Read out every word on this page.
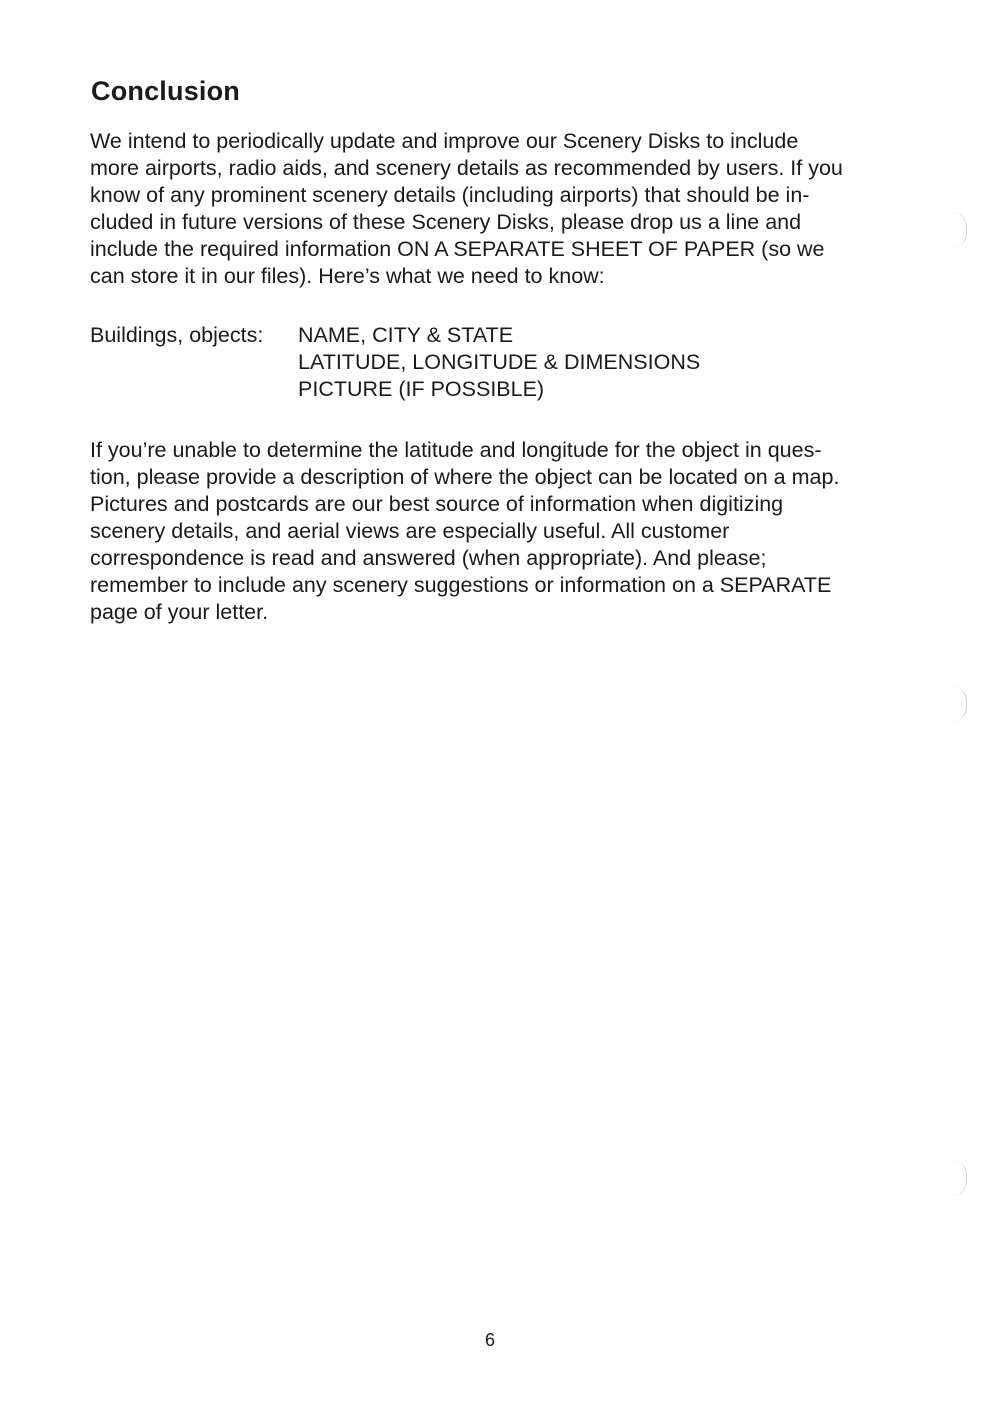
Conclusion
We intend to periodically update and improve our Scenery Disks to include
more airports, radio aids, and scenery details as recommended by users. If you
know of any prominent scenery details (including airports) that should be in-
cluded in future versions of these Scenery Disks, please drop us a line and
include the required information ON A SEPARATE SHEET OF PAPER (so we
can store it in our files). Here’s what we need to know:
Buildings, objects: NAME, CITY & STATE
LATITUDE, LONGITUDE & DIMENSIONS
PICTURE (IF POSSIBLE)
If you’re unable to determine the latitude and longitude for the object in ques-
tion, please provide a description of where the object can be located on a map.
Pictures and postcards are our best source of information when digitizing
scenery details, and aerial views are especially useful. All customer
correspondence is read and answered (when appropriate). And please;
remember to include any scenery suggestions or information on a SEPARATE
page of your letter.
6
